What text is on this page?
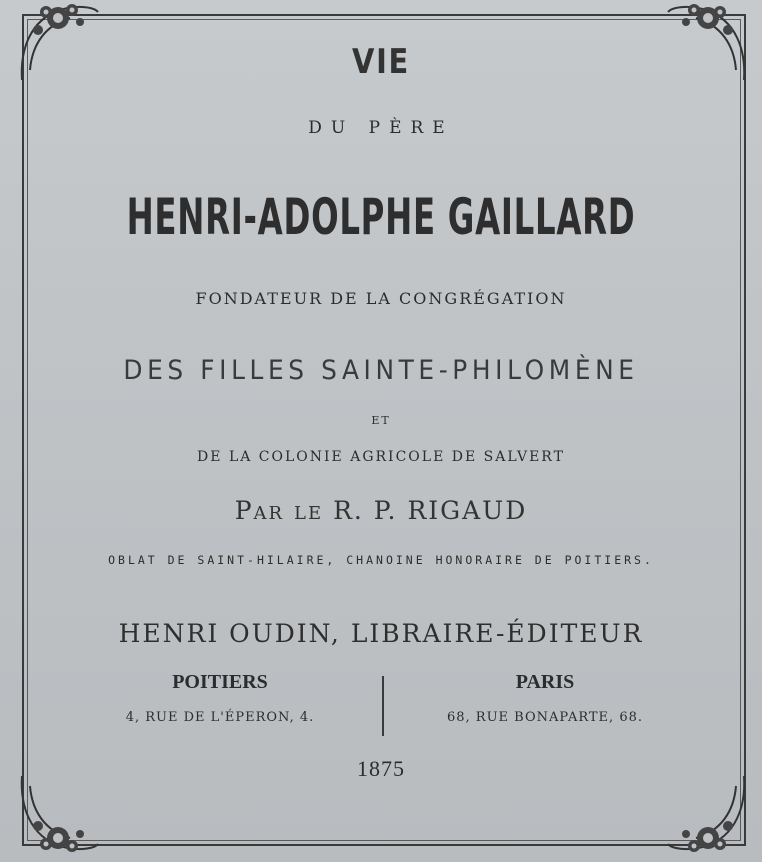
VIE
DU PÈRE
HENRI-ADOLPHE GAILLARD
FONDATEUR DE LA CONGRÉGATION
DES FILLES SAINTE-PHILOMÈNE
ET
DE LA COLONIE AGRICOLE DE SALVERT
Par le R. P. RIGAUD
OBLAT DE SAINT-HILAIRE, CHANOINE HONORAIRE DE POITIERS.
HENRI OUDIN, LIBRAIRE-ÉDITEUR
POITIERS
4, RUE DE L'ÉPERON, 4.
PARIS
68, RUE BONAPARTE, 68.
1875
